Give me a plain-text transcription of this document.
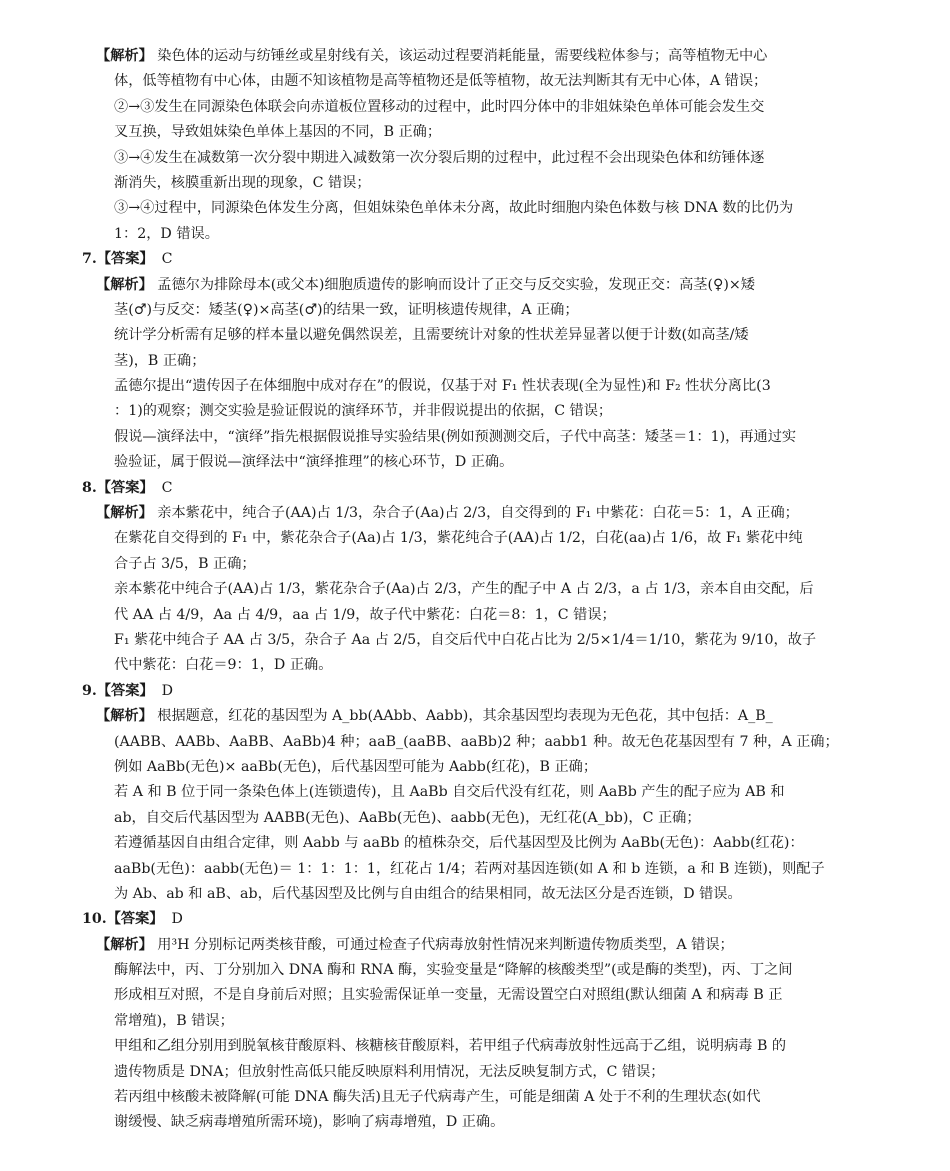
【解析】 染色体的运动与纺锤丝或星射线有关，该运动过程要消耗能量，需要线粒体参与；高等植物无中心
体，低等植物有中心体，由题不知该植物是高等植物还是低等植物，故无法判断其有无中心体，A 错误；
②→③发生在同源染色体联会向赤道板位置移动的过程中，此时四分体中的非姐妹染色单体可能会发生交
叉互换，导致姐妹染色单体上基因的不同，B 正确；
③→④发生在减数第一次分裂中期进入减数第一次分裂后期的过程中，此过程不会出现染色体和纺锤体逐
渐消失，核膜重新出现的现象，C 错误；
③→④过程中，同源染色体发生分离，但姐妹染色单体未分离，故此时细胞内染色体数与核 DNA 数的比仍为
1：2，D 错误。
7.【答案】 C
【解析】 孟德尔为排除母本(或父本)细胞质遗传的影响而设计了正交与反交实验，发现正交：高茎(♀)×矮
茎(♂)与反交：矮茎(♀)×高茎(♂)的结果一致，证明核遗传规律，A 正确；
统计学分析需有足够的样本量以避免偶然误差，且需要统计对象的性状差异显著以便于计数(如高茎/矮
茎)，B 正确；
孟德尔提出“遗传因子在体细胞中成对存在”的假说，仅基于对 F₁ 性状表现(全为显性)和 F₂ 性状分离比(3
：1)的观察；测交实验是验证假说的演绎环节，并非假说提出的依据，C 错误；
假说—演绎法中，“演绎”指先根据假说推导实验结果(例如预测测交后，子代中高茎：矮茎＝1：1)，再通过实
验验证，属于假说—演绎法中“演绎推理”的核心环节，D 正确。
8.【答案】 C
【解析】 亲本紫花中，纯合子(AA)占 1/3，杂合子(Aa)占 2/3，自交得到的 F₁ 中紫花：白花＝5：1，A 正确；
在紫花自交得到的 F₁ 中，紫花杂合子(Aa)占 1/3，紫花纯合子(AA)占 1/2，白花(aa)占 1/6，故 F₁ 紫花中纯
合子占 3/5，B 正确；
亲本紫花中纯合子(AA)占 1/3，紫花杂合子(Aa)占 2/3，产生的配子中 A 占 2/3，a 占 1/3，亲本自由交配，后
代 AA 占 4/9，Aa 占 4/9，aa 占 1/9，故子代中紫花：白花＝8：1，C 错误；
F₁ 紫花中纯合子 AA 占 3/5，杂合子 Aa 占 2/5，自交后代中白花占比为 2/5×1/4＝1/10，紫花为 9/10，故子
代中紫花：白花＝9：1，D 正确。
9.【答案】 D
【解析】 根据题意，红花的基因型为 A_bb(AAbb、Aabb)，其余基因型均表现为无色花，其中包括：A_B_
(AABB、AABb、AaBB、AaBb)4 种；aaB_(aaBB、aaBb)2 种；aabb1 种。故无色花基因型有 7 种，A 正确；
例如 AaBb(无色)× aaBb(无色)，后代基因型可能为 Aabb(红花)，B 正确；
若 A 和 B 位于同一条染色体上(连锁遗传)，且 AaBb 自交后代没有红花，则 AaBb 产生的配子应为 AB 和
ab，自交后代基因型为 AABB(无色)、AaBb(无色)、aabb(无色)，无红花(A_bb)，C 正确；
若遵循基因自由组合定律，则 Aabb 与 aaBb 的植株杂交，后代基因型及比例为 AaBb(无色)：Aabb(红花)：
aaBb(无色)：aabb(无色)＝ 1：1：1：1，红花占 1/4；若两对基因连锁(如 A 和 b 连锁，a 和 B 连锁)，则配子
为 Ab、ab 和 aB、ab，后代基因型及比例与自由组合的结果相同，故无法区分是否连锁，D 错误。
10.【答案】 D
【解析】 用³H 分别标记两类核苷酸，可通过检查子代病毒放射性情况来判断遗传物质类型，A 错误；
酶解法中，丙、丁分别加入 DNA 酶和 RNA 酶，实验变量是“降解的核酸类型”(或是酶的类型)，丙、丁之间
形成相互对照，不是自身前后对照；且实验需保证单一变量，无需设置空白对照组(默认细菌 A 和病毒 B 正
常增殖)，B 错误；
甲组和乙组分别用到脱氧核苷酸原料、核糖核苷酸原料，若甲组子代病毒放射性远高于乙组，说明病毒 B 的
遗传物质是 DNA；但放射性高低只能反映原料利用情况，无法反映复制方式，C 错误；
若丙组中核酸未被降解(可能 DNA 酶失活)且无子代病毒产生，可能是细菌 A 处于不利的生理状态(如代
谢缓慢、缺乏病毒增殖所需环境)，影响了病毒增殖，D 正确。
